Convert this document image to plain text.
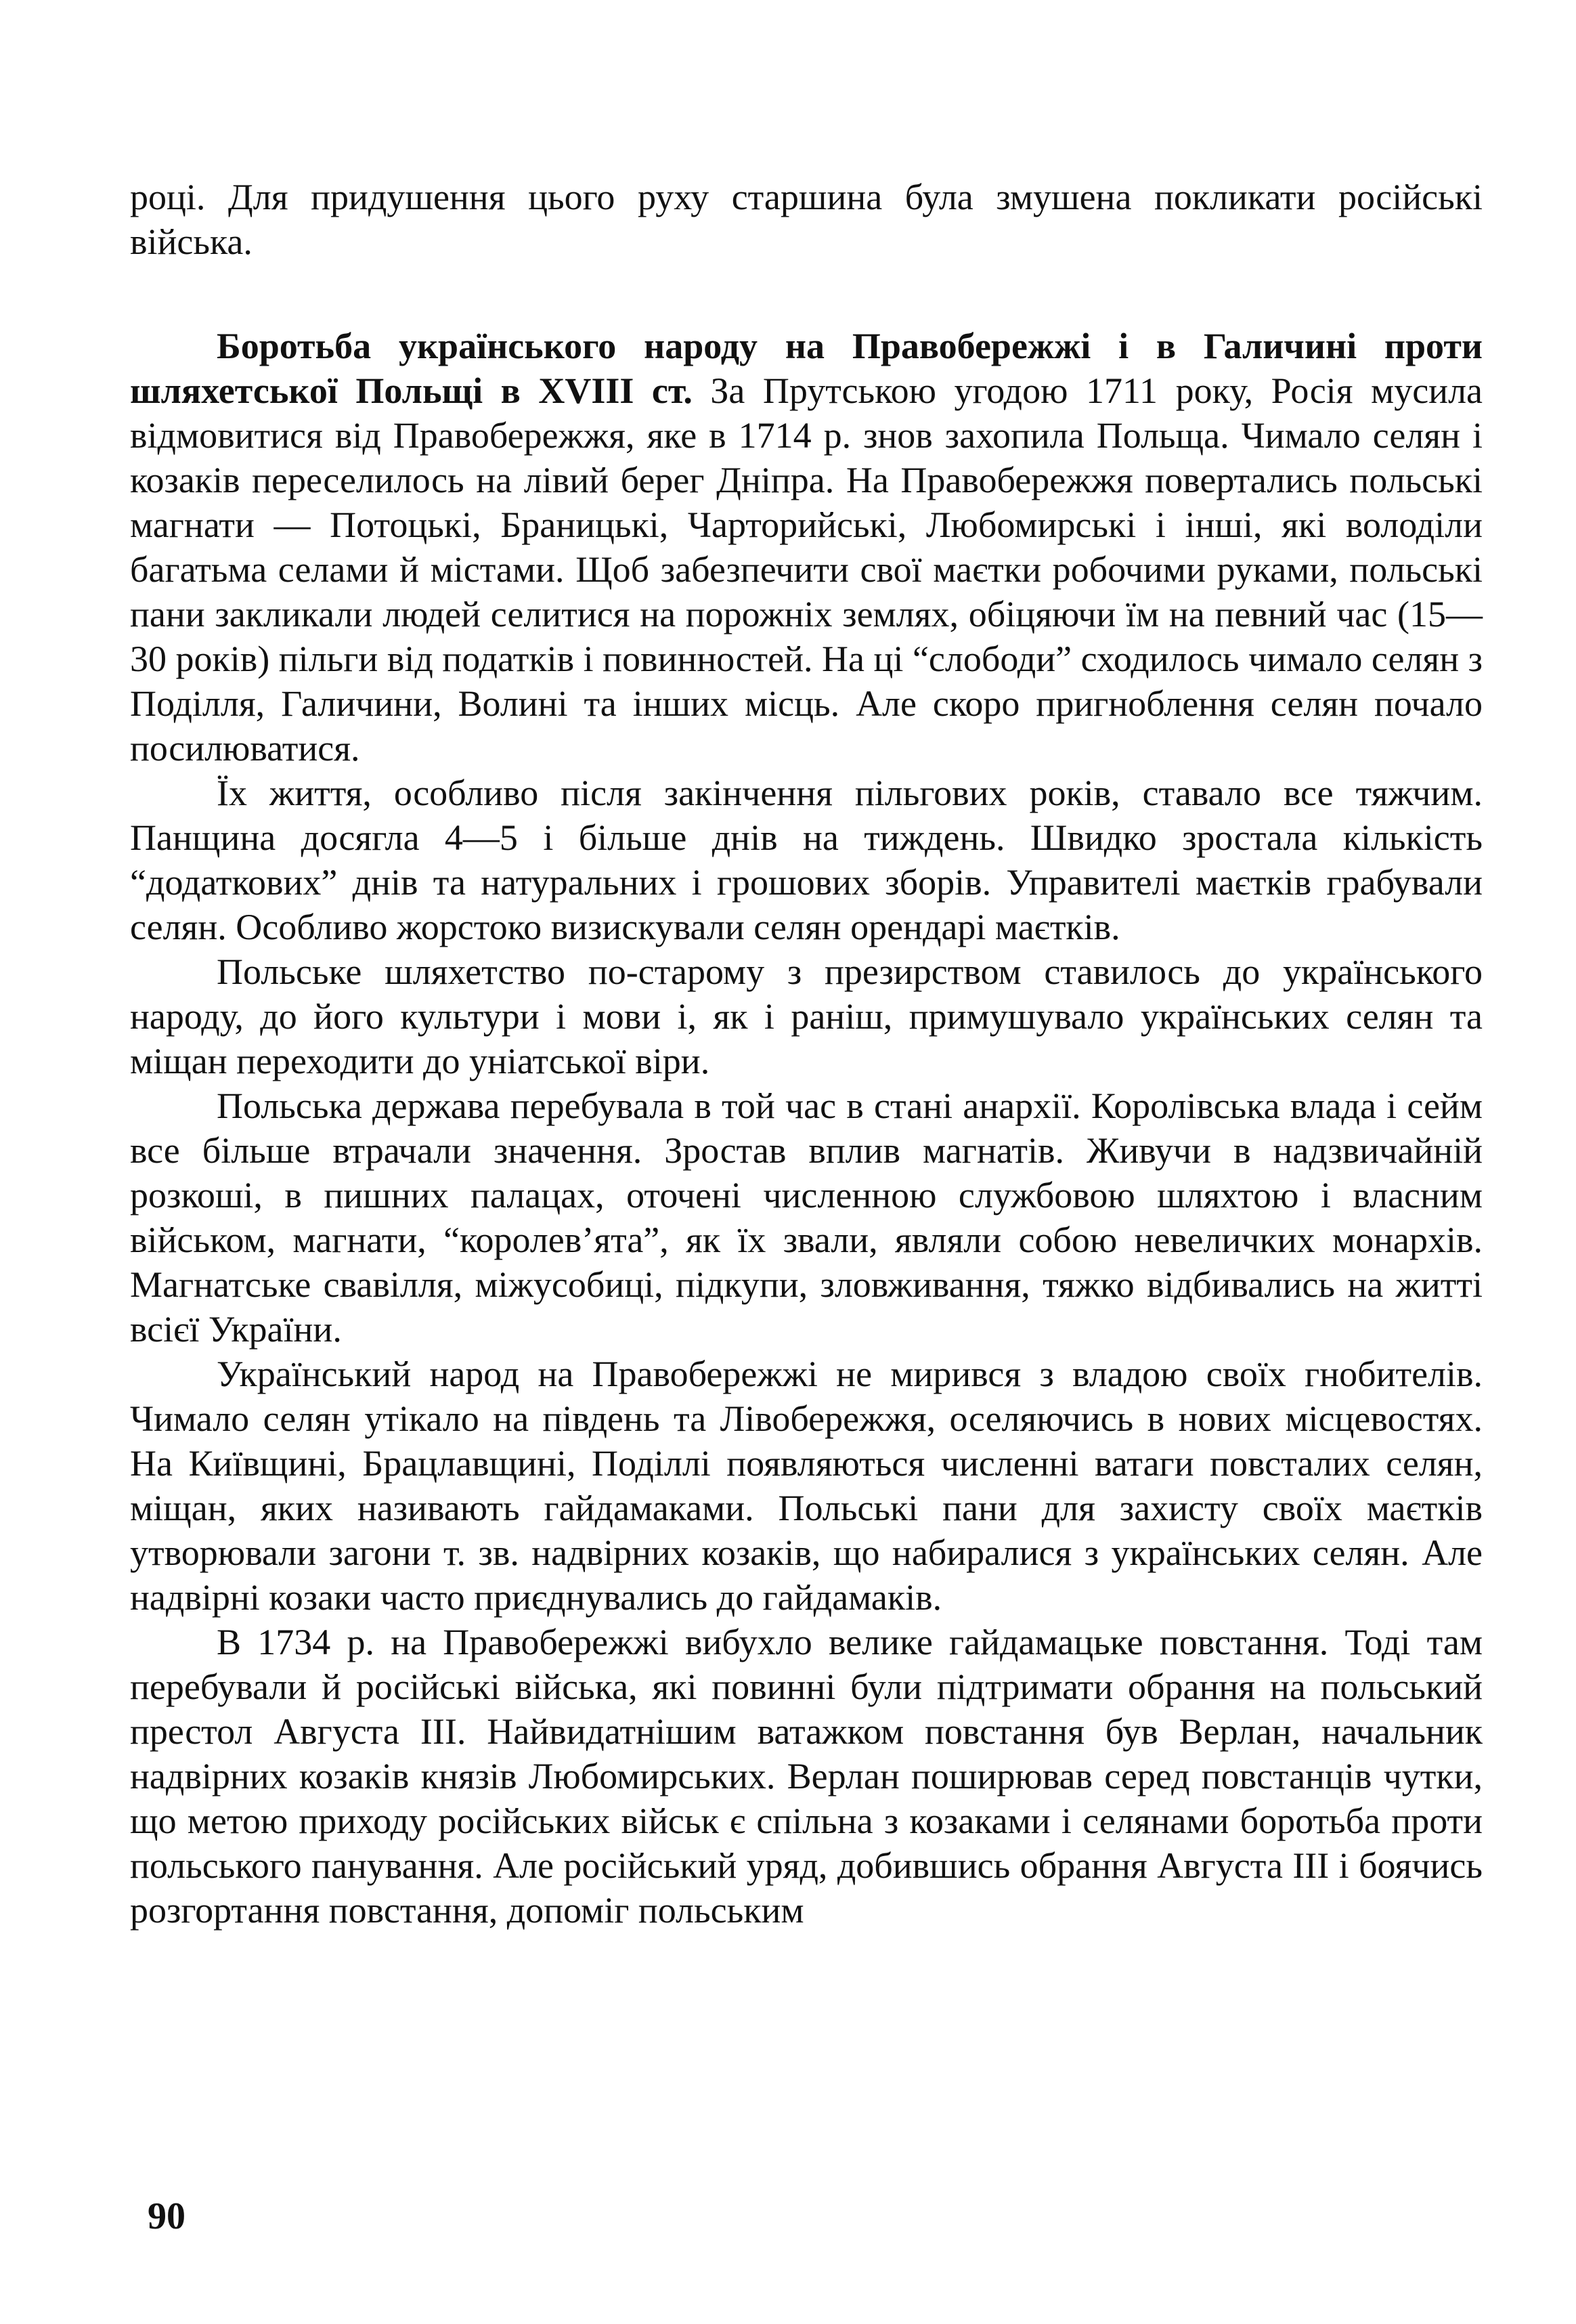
році. Для придушення цього руху старшина була змушена покликати російські війська.

Боротьба українського народу на Правобережжі і в Галичині проти шляхетської Польщі в XVIII ст. За Прутською угодою 1711 року, Росія мусила відмовитися від Правобережжя, яке в 1714 р. знов захопила Польща. Чимало селян і козаків переселилось на лівий берег Дніпра. На Правобережжя повертались польські магнати — Потоцькі, Браницькі, Чарторийські, Любомирські і інші, які володіли багатьма селами й містами. Щоб забезпечити свої маєтки робочими руками, польські пани закликали людей селитися на порожніх землях, обіцяючи їм на певний час (15—30 років) пільги від податків і повинностей. На ці “слободи” сходилось чимало селян з Поділля, Галичини, Волині та інших місць. Але скоро пригноблення селян почало посилюватися.

Їх життя, особливо після закінчення пільгових років, ставало все тяжчим. Панщина досягла 4—5 і більше днів на тиждень. Швидко зростала кількість “додаткових” днів та натуральних і грошових зборів. Управителі маєтків грабували селян. Особливо жорстоко визискували селян орендарі маєтків.

Польське шляхетство по-старому з презирством ставилось до українського народу, до його культури і мови і, як і раніш, примушувало українських селян та міщан переходити до уніатської віри.

Польська держава перебувала в той час в стані анархії. Королівська влада і сейм все більше втрачали значення. Зростав вплив магнатів. Живучи в надзвичайній розкоші, в пишних палацах, оточені численною службовою шляхтою і власним військом, магнати, “королев’ята”, як їх звали, являли собою невеличких монархів. Магнатське свавілля, міжусобиці, підкупи, зловживання, тяжко відбивались на житті всієї України.

Український народ на Правобережжі не мирився з владою своїх гнобителів. Чимало селян утікало на південь та Лівобережжя, оселяючись в нових місцевостях. На Київщині, Брацлавщині, Поділлі появляються численні ватаги повсталих селян, міщан, яких називають гайдамаками. Польські пани для захисту своїх маєтків утворювали загони т. зв. надвірних козаків, що набиралися з українських селян. Але надвірні козаки часто приєднувались до гайдамаків.

В 1734 р. на Правобережжі вибухло велике гайдамацьке повстання. Тоді там перебували й російські війська, які повинні були підтримати обрання на польський престол Августа III. Найвидатнішим ватажком повстання був Верлан, начальник надвірних козаків князів Любомирських. Верлан поширював серед повстанців чутки, що метою приходу російських військ є спільна з козаками і селянами боротьба проти польського панування. Але російський уряд, добившись обрання Августа III і боячись розгортання повстання, допоміг польським

90
